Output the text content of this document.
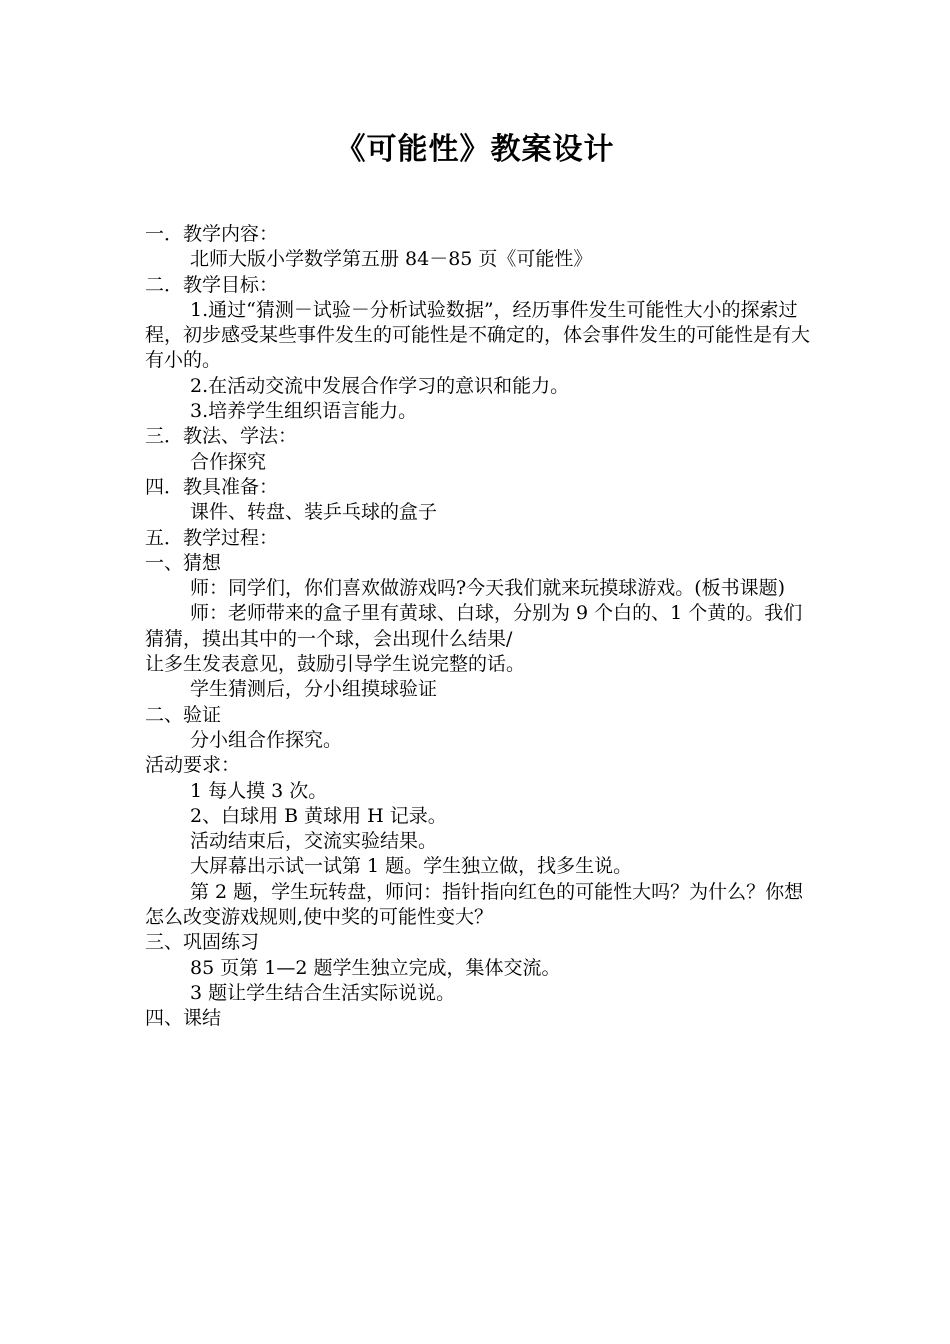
《可能性》教案设计

一．教学内容：

北师大版小学数学第五册 84－85 页《可能性》

二．教学目标：

1.通过“猜测－试验－分析试验数据”，经历事件发生可能性大小的探索过程，初步感受某些事件发生的可能性是不确定的，体会事件发生的可能性是有大有小的。

2.在活动交流中发展合作学习的意识和能力。

3.培养学生组织语言能力。

三．教法、学法：

合作探究

四．教具准备：

课件、转盘、装乒乓球的盒子

五．教学过程：

一、猜想

师：同学们，你们喜欢做游戏吗?今天我们就来玩摸球游戏。(板书课题)

师：老师带来的盒子里有黄球、白球，分别为 9 个白的、1 个黄的。我们猜猜，摸出其中的一个球，会出现什么结果/

让多生发表意见，鼓励引导学生说完整的话。

学生猜测后，分小组摸球验证

二、验证

分小组合作探究。

活动要求：

1 每人摸 3 次。

2、白球用 B 黄球用 H 记录。

活动结束后，交流实验结果。

大屏幕出示试一试第 1 题。学生独立做，找多生说。

第 2 题，学生玩转盘，师问：指针指向红色的可能性大吗？为什么？你想怎么改变游戏规则,使中奖的可能性变大？

三、巩固练习

85 页第 1—2 题学生独立完成，集体交流。

3 题让学生结合生活实际说说。

四、课结
